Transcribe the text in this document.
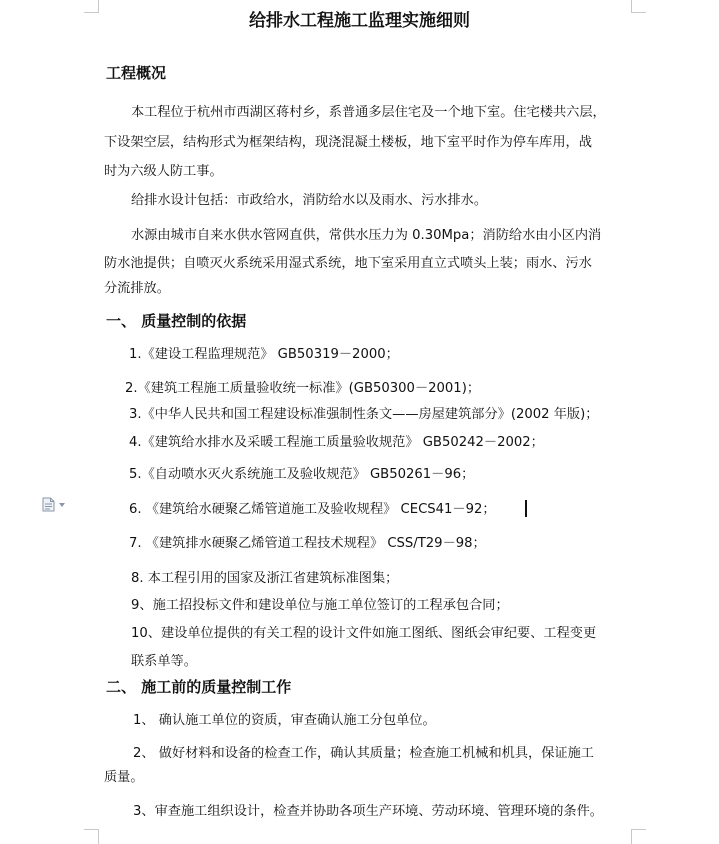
给排水工程施工监理实施细则
工程概况
本工程位于杭州市西湖区蒋村乡，系普通多层住宅及一个地下室。住宅楼共六层，
下设架空层，结构形式为框架结构，现浇混凝土楼板，地下室平时作为停车库用，战
时为六级人防工事。
给排水设计包括：市政给水，消防给水以及雨水、污水排水。
水源由城市自来水供水管网直供，常供水压力为 0.30Mpa；消防给水由小区内消
防水池提供；自喷灭火系统采用湿式系统，地下室采用直立式喷头上装；雨水、污水
分流排放。
一、 质量控制的依据
1.《建设工程监理规范》 GB50319－2000；
2.《建筑工程施工质量验收统一标准》(GB50300－2001)；
3.《中华人民共和国工程建设标准强制性条文——房屋建筑部分》(2002 年版)；
4.《建筑给水排水及采暖工程施工质量验收规范》 GB50242－2002；
5.《自动喷水灭火系统施工及验收规范》 GB50261－96；
6. 《建筑给水硬聚乙烯管道施工及验收规程》 CECS41－92；
7. 《建筑排水硬聚乙烯管道工程技术规程》 CSS/T29－98；
8. 本工程引用的国家及浙江省建筑标准图集；
9、施工招投标文件和建设单位与施工单位签订的工程承包合同；
10、建设单位提供的有关工程的设计文件如施工图纸、图纸会审纪要、工程变更
联系单等。
二、 施工前的质量控制工作
1、 确认施工单位的资质，审查确认施工分包单位。
2、 做好材料和设备的检查工作，确认其质量；检查施工机械和机具，保证施工
质量。
3、审查施工组织设计，检查并协助各项生产环境、劳动环境、管理环境的条件。
